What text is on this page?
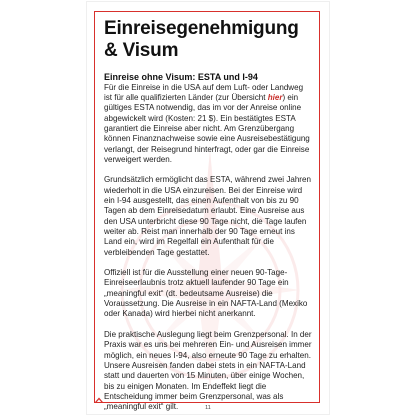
Einreisegenehmigung & Visum
Einreise ohne Visum: ESTA und I-94

Für die Einreise in die USA auf dem Luft- oder Landweg ist für alle qualifizierten Länder (zur Übersicht hier) ein gültiges ESTA notwendig, das im vor der Anreise online abgewickelt wird (Kosten: 21 $). Ein bestätigtes ESTA garantiert die Einreise aber nicht. Am Grenzübergang können Finanznachweise sowie eine Ausreisebestätigung verlangt, der Reisegrund hinterfragt, oder gar die Einreise verweigert werden.

Grundsätzlich ermöglicht das ESTA, während zwei Jahren wiederholt in die USA einzureisen. Bei der Einreise wird ein I-94 ausgestellt, das einen Aufenthalt von bis zu 90 Tagen ab dem Einreisedatum erlaubt. Eine Ausreise aus den USA unterbricht diese 90 Tage nicht, die Tage laufen weiter ab. Reist man innerhalb der 90 Tage erneut ins Land ein, wird im Regelfall ein Aufenthalt für die verbleibenden Tage gestattet.

Offiziell ist für die Ausstellung einer neuen 90-Tage-Einreiseerlaubnis trotz aktuell laufender 90 Tage ein „meaningful exit“ (dt. bedeutsame Ausreise) die Voraussetzung. Die Ausreise in ein NAFTA-Land (Mexiko oder Kanada) wird hierbei nicht anerkannt.

Die praktische Auslegung liegt beim Grenzpersonal. In der Praxis war es uns bei mehreren Ein- und Ausreisen immer möglich, ein neues I-94, also erneute 90 Tage zu erhalten. Unsere Ausreisen fanden dabei stets in ein NAFTA-Land statt und dauerten von 15 Minuten, über einige Wochen, bis zu einigen Monaten. Im Endeffekt liegt die Entscheidung immer beim Grenzpersonal, was als „meaningful exit“ gilt.	11
